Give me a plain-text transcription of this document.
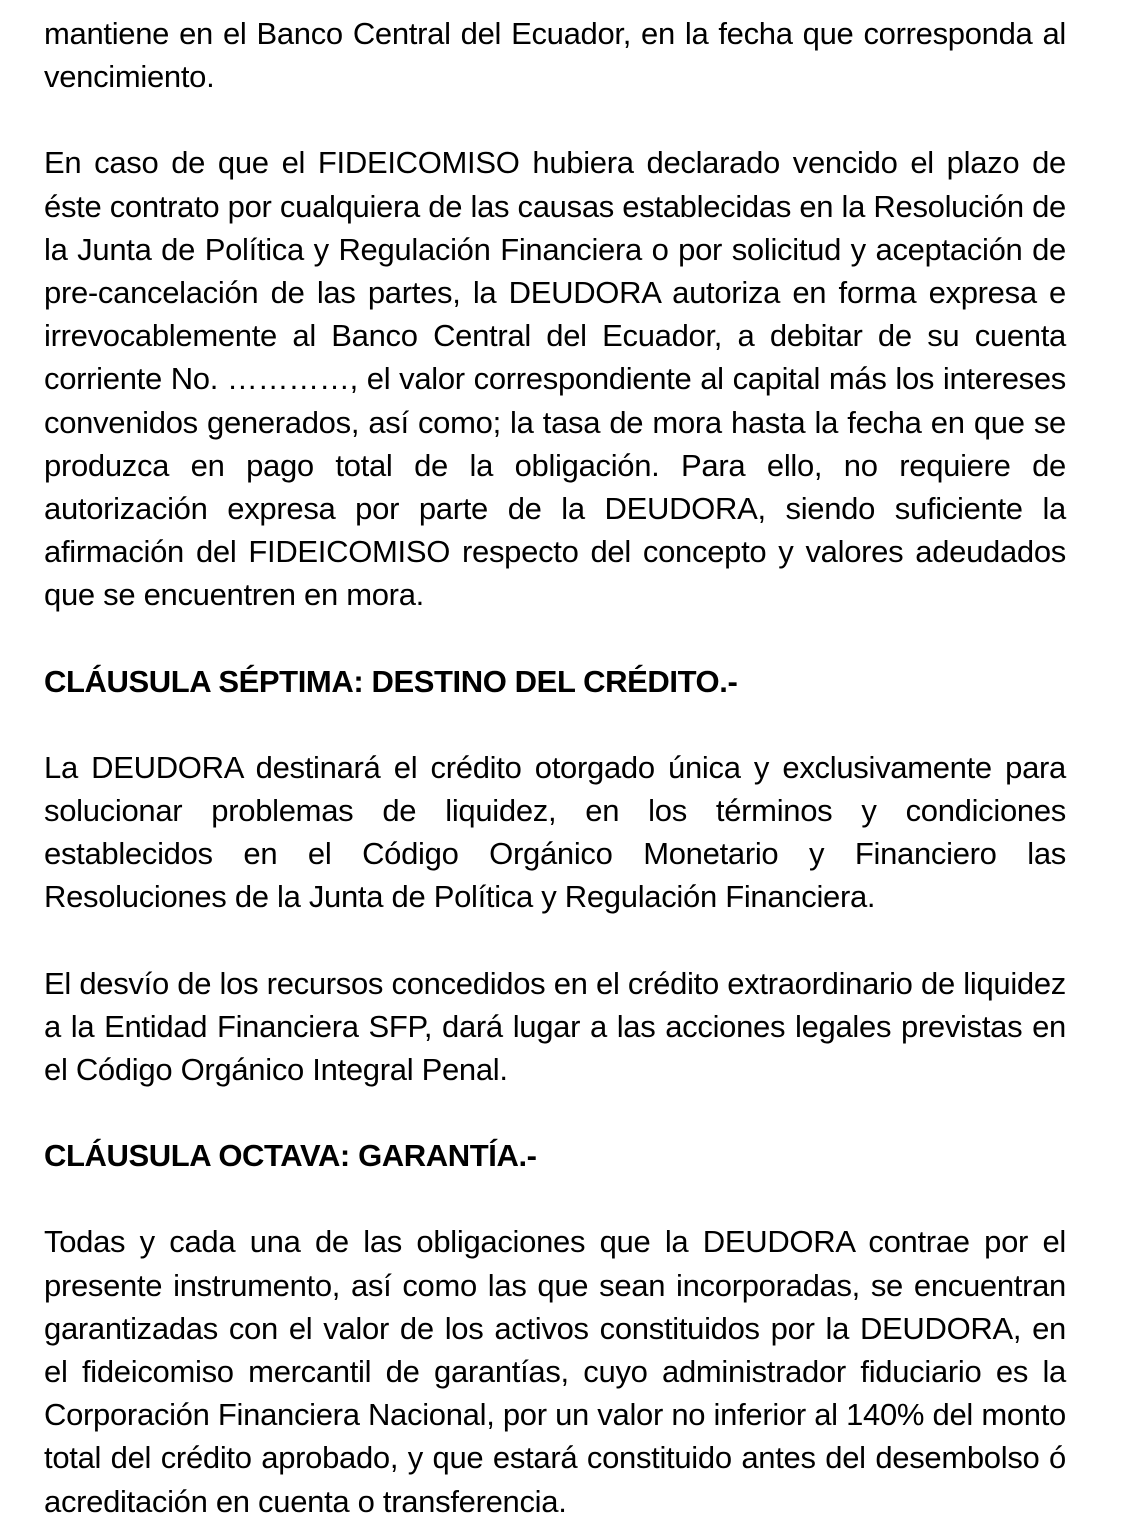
mantiene en el Banco Central del Ecuador, en la fecha que corresponda al vencimiento.

En caso de que el FIDEICOMISO hubiera declarado vencido el plazo de éste contrato por cualquiera de las causas establecidas en la Resolución de la Junta de Política y Regulación Financiera o por solicitud y aceptación de pre-cancelación de las partes, la DEUDORA autoriza en forma expresa e irrevocablemente al Banco Central del Ecuador, a debitar de su cuenta corriente No. …………, el valor correspondiente al capital más los intereses convenidos generados, así como; la tasa de mora hasta la fecha en que se produzca en pago total de la obligación. Para ello, no requiere de autorización expresa por parte de la DEUDORA, siendo suficiente la afirmación del FIDEICOMISO respecto del concepto y valores adeudados que se encuentren en mora.

CLÁUSULA SÉPTIMA: DESTINO DEL CRÉDITO.-

La DEUDORA destinará el crédito otorgado única y exclusivamente para solucionar problemas de liquidez, en los términos y condiciones establecidos en el Código Orgánico Monetario y Financiero las Resoluciones de la Junta de Política y Regulación Financiera.

El desvío de los recursos concedidos en el crédito extraordinario de liquidez a la Entidad Financiera SFP, dará lugar a las acciones legales previstas en el Código Orgánico Integral Penal.

CLÁUSULA OCTAVA: GARANTÍA.-

Todas y cada una de las obligaciones que la DEUDORA contrae por el presente instrumento, así como las que sean incorporadas, se encuentran garantizadas con el valor de los activos constituidos por la DEUDORA, en el fideicomiso mercantil de garantías, cuyo administrador fiduciario es la Corporación Financiera Nacional, por un valor no inferior al 140% del monto total del crédito aprobado, y que estará constituido antes del desembolso ó acreditación en cuenta o transferencia.
